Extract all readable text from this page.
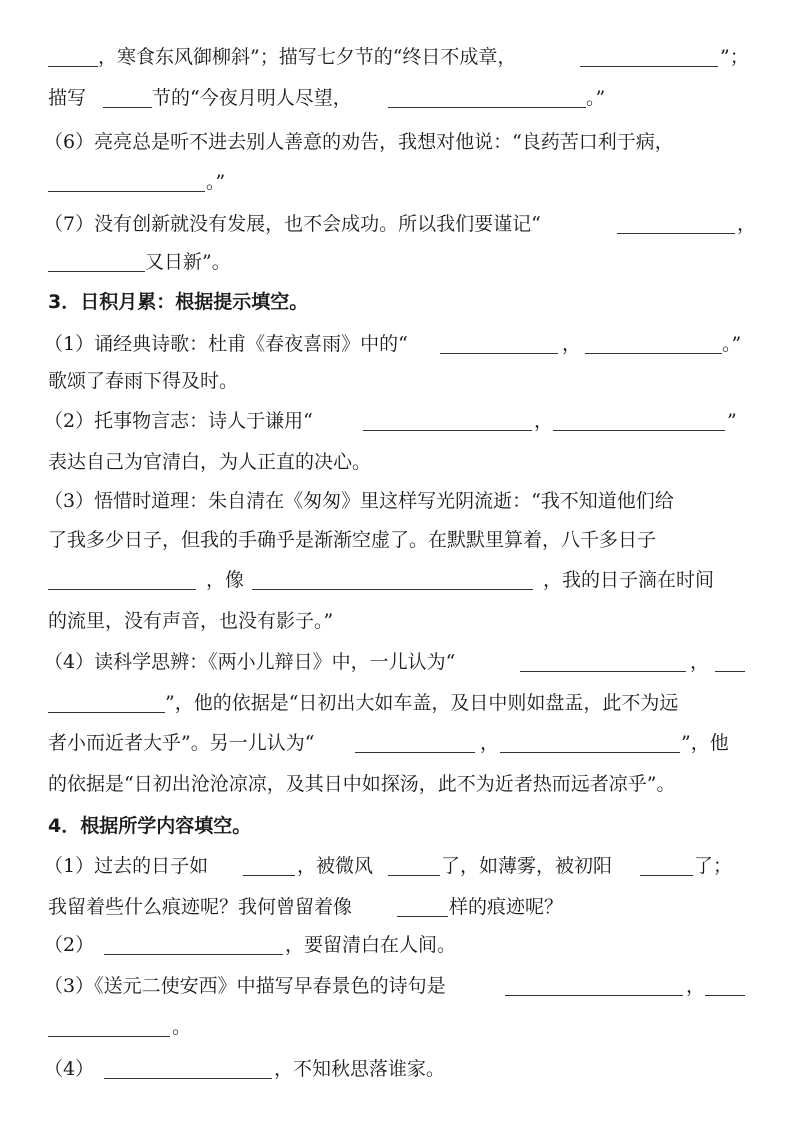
，寒食东风御柳斜”；描写七夕节的“终日不成章，	”；
描写	节的“今夜月明人尽望，	。”
（6）亮亮总是听不进去别人善意的劝告，我想对他说：“良药苦口利于病，
。”
（7）没有创新就没有发展，也不会成功。所以我们要谨记“	，
又日新”。
3．日积月累：根据提示填空。
（1）诵经典诗歌：杜甫《春夜喜雨》中的“	，	。”
歌颂了春雨下得及时。
（2）托事物言志：诗人于谦用“	，	”
表达自己为官清白，为人正直的决心。
（3）悟惜时道理：朱自清在《匆匆》里这样写光阴流逝：“我不知道他们给
了我多少日子，但我的手确乎是渐渐空虚了。在默默里算着，八千多日子
，像	，我的日子滴在时间
的流里，没有声音，也没有影子。”
（4）读科学思辨：《两小儿辩日》中，一儿认为“	，
”，他的依据是“日初出大如车盖，及日中则如盘盂，此不为远
者小而近者大乎”。另一儿认为“	，	”，他
的依据是“日初出沧沧凉凉，及其日中如探汤，此不为近者热而远者凉乎”。
4．根据所学内容填空。
（1）过去的日子如	，被微风	了，如薄雾，被初阳	了；
我留着些什么痕迹呢？我何曾留着像	样的痕迹呢？
（2）	，要留清白在人间。
（3）《送元二使安西》中描写早春景色的诗句是	，
。
（4）	，不知秋思落谁家。
